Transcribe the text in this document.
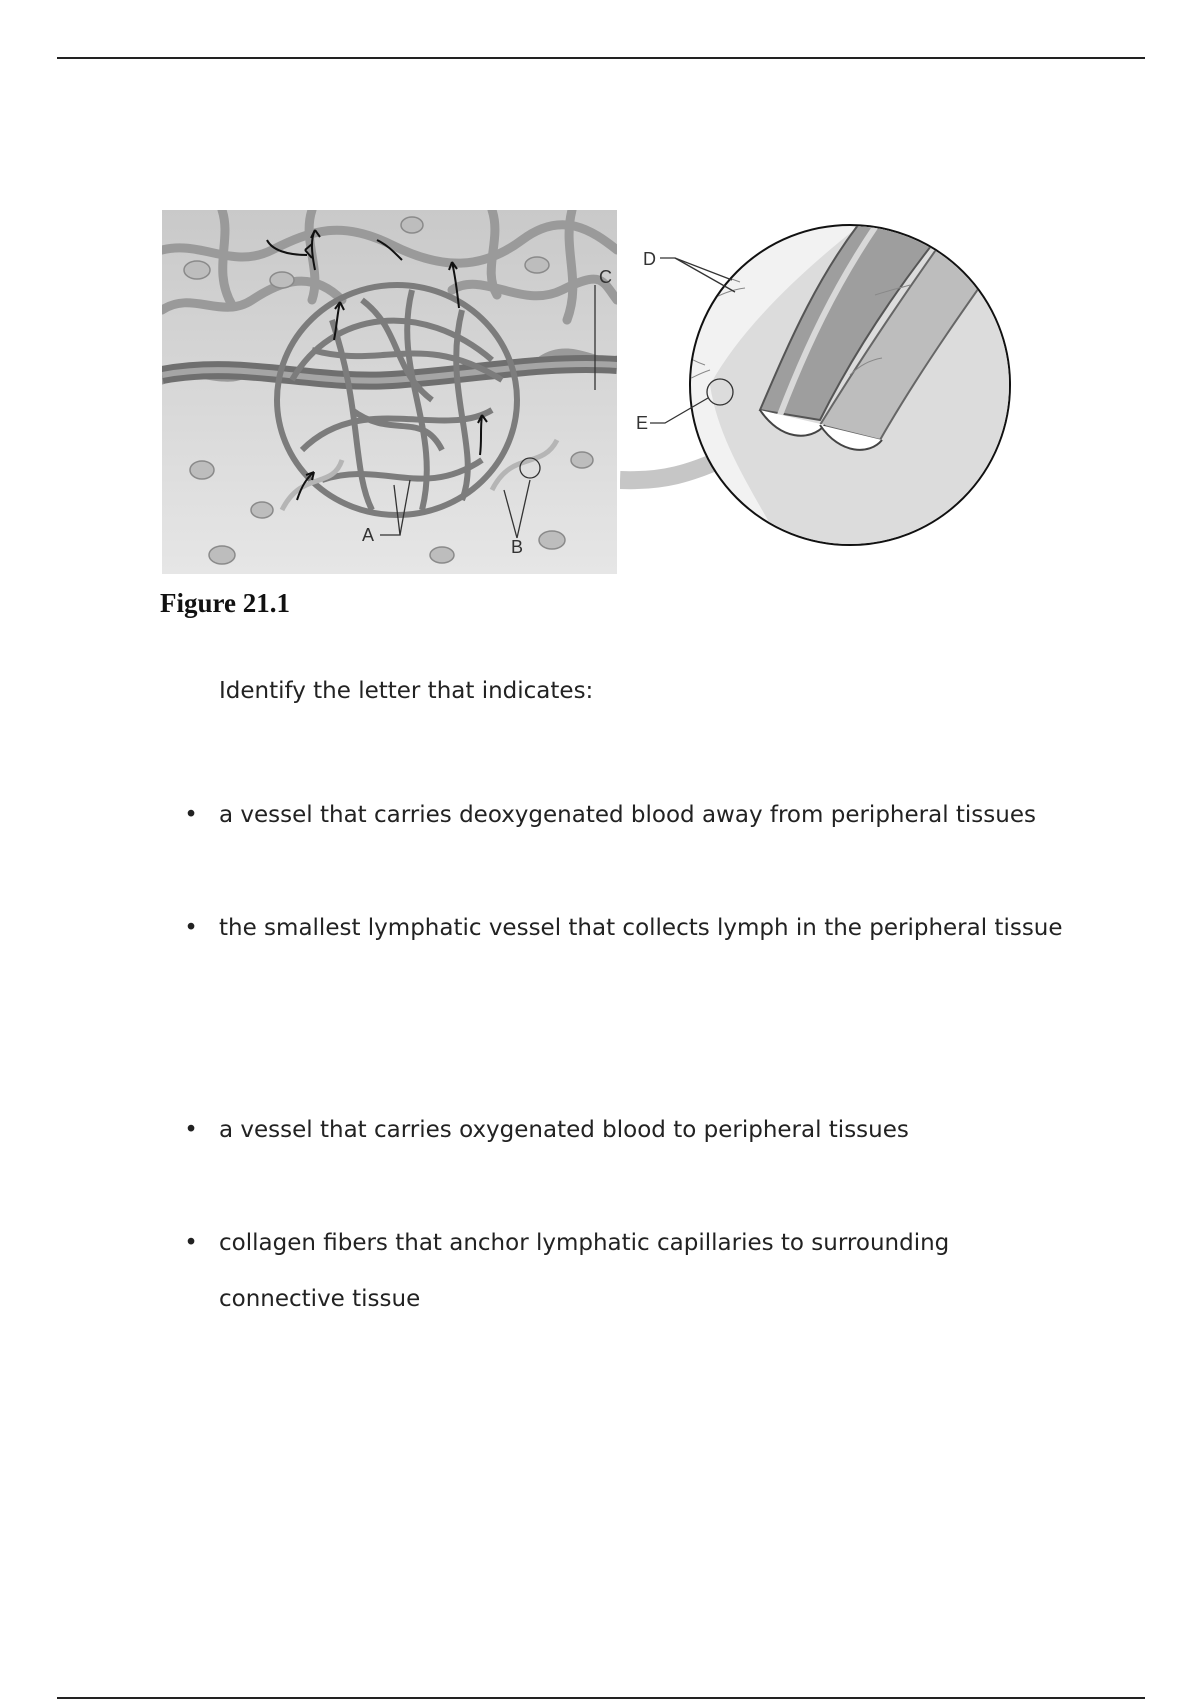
A
B
C
D
E
Figure 21.1
Identify the letter that indicates:
• a vessel that carries deoxygenated blood away from peripheral tissues
• the smallest lymphatic vessel that collects lymph in the peripheral tissue
• a vessel that carries oxygenated blood to peripheral tissues
• collagen fibers that anchor lymphatic capillaries to surrounding connective tissue
